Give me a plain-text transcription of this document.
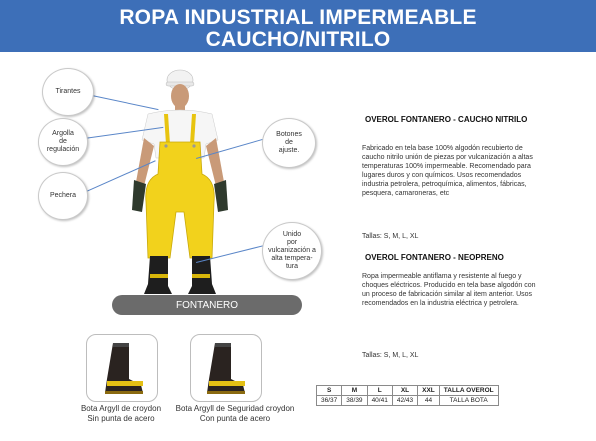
ROPA INDUSTRIAL IMPERMEABLE
CAUCHO/NITRILO
Tirantes
Argolla
de
regulación
Pechera
Botones
de
ajuste.
Unido
por
vulcanización a
alta tempera-
tura
FONTANERO
Bota Argyll de croydon
Sin punta de acero
Bota Argyll de Seguridad croydon
Con punta de acero
OVEROL FONTANERO - CAUCHO NITRILO
Fabricado en tela base 100% algodón recubierto de caucho nitrilo unión de piezas por vulcanización a altas temperaturas 100% impermeable. Recomendado para lugares duros y con químicos. Usos recomendados industria petrolera, petroquímica, alimentos, fábricas, pesquera, camaroneras, etc
Tallas: S, M, L, XL
OVEROL FONTANERO - NEOPRENO
Ropa impermeable antiflama y resistente al fuego y choques eléctricos. Producido en tela base algodón con un proceso de fabricación similar al item anterior. Usos recomendados en la industria eléctrica y petrolera.
Tallas: S, M, L, XL
S	M	L	XL	XXL	TALLA OVEROL
36/37	38/39	40/41	42/43	44	TALLA BOTA
